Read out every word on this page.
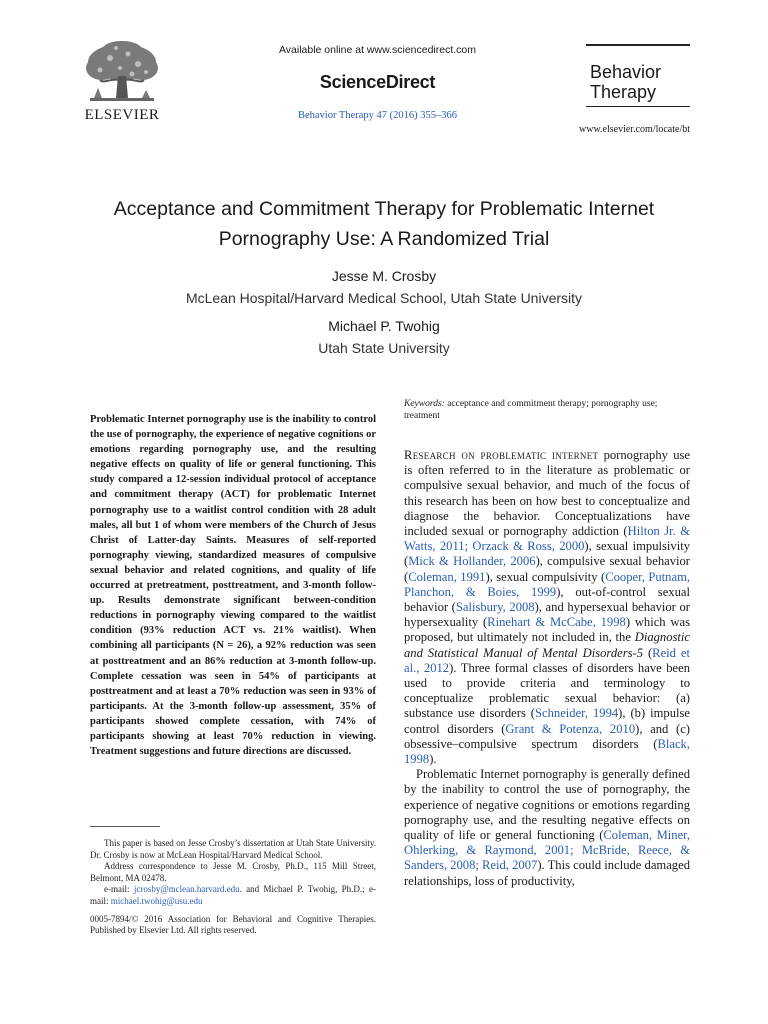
ELSEVIER
Available online at www.sciencedirect.com
ScienceDirect
Behavior Therapy 47 (2016) 355–366
Behavior
Therapy
www.elsevier.com/locate/bt
Acceptance and Commitment Therapy for Problematic Internet Pornography Use: A Randomized Trial
Jesse M. Crosby
McLean Hospital/Harvard Medical School, Utah State University
Michael P. Twohig
Utah State University
Problematic Internet pornography use is the inability to control the use of pornography, the experience of negative cognitions or emotions regarding pornography use, and the resulting negative effects on quality of life or general functioning. This study compared a 12-session individual protocol of acceptance and commitment therapy (ACT) for problematic Internet pornography use to a waitlist control condition with 28 adult males, all but 1 of whom were members of the Church of Jesus Christ of Latter-day Saints. Measures of self-reported pornography viewing, standardized measures of compulsive sexual behavior and related cognitions, and quality of life occurred at pretreatment, posttreatment, and 3-month follow-up. Results demonstrate significant between-condition reductions in pornography viewing compared to the waitlist condition (93% reduction ACT vs. 21% waitlist). When combining all participants (N = 26), a 92% reduction was seen at posttreatment and an 86% reduction at 3-month follow-up. Complete cessation was seen in 54% of participants at posttreatment and at least a 70% reduction was seen in 93% of participants. At the 3-month follow-up assessment, 35% of participants showed complete cessation, with 74% of participants showing at least 70% reduction in viewing. Treatment suggestions and future directions are discussed.

This paper is based on Jesse Crosby’s dissertation at Utah State University. Dr. Crosby is now at McLean Hospital/Harvard Medical School.

Address correspondence to Jesse M. Crosby, Ph.D., 115 Mill Street, Belmont, MA 02478.

e-mail: jcrosby@mclean.harvard.edu. and Michael P. Twohig, Ph.D.; e-mail: michael.twohig@usu.edu

0005-7894/© 2016 Association for Behavioral and Cognitive Therapies. Published by Elsevier Ltd. All rights reserved.

Keywords: acceptance and commitment therapy; pornography use; treatment

Research on problematic internet pornography use is often referred to in the literature as problematic or compulsive sexual behavior, and much of the focus of this research has been on how best to conceptualize and diagnose the behavior. Conceptualizations have included sexual or pornography addiction (Hilton Jr. & Watts, 2011; Orzack & Ross, 2000), sexual impulsivity (Mick & Hollander, 2006), compulsive sexual behavior (Coleman, 1991), sexual compulsivity (Cooper, Putnam, Planchon, & Boies, 1999), out-of-control sexual behavior (Salisbury, 2008), and hypersexual behavior or hypersexuality (Rinehart & McCabe, 1998) which was proposed, but ultimately not included in, the Diagnostic and Statistical Manual of Mental Disorders-5 (Reid et al., 2012). Three formal classes of disorders have been used to provide criteria and terminology to conceptualize problematic sexual behavior: (a) substance use disorders (Schneider, 1994), (b) impulse control disorders (Grant & Potenza, 2010), and (c) obsessive–compulsive spectrum disorders (Black, 1998).

Problematic Internet pornography is generally defined by the inability to control the use of pornography, the experience of negative cognitions or emotions regarding pornography use, and the resulting negative effects on quality of life or general functioning (Coleman, Miner, Ohlerking, & Raymond, 2001; McBride, Reece, & Sanders, 2008; Reid, 2007). This could include damaged relationships, loss of productivity,
